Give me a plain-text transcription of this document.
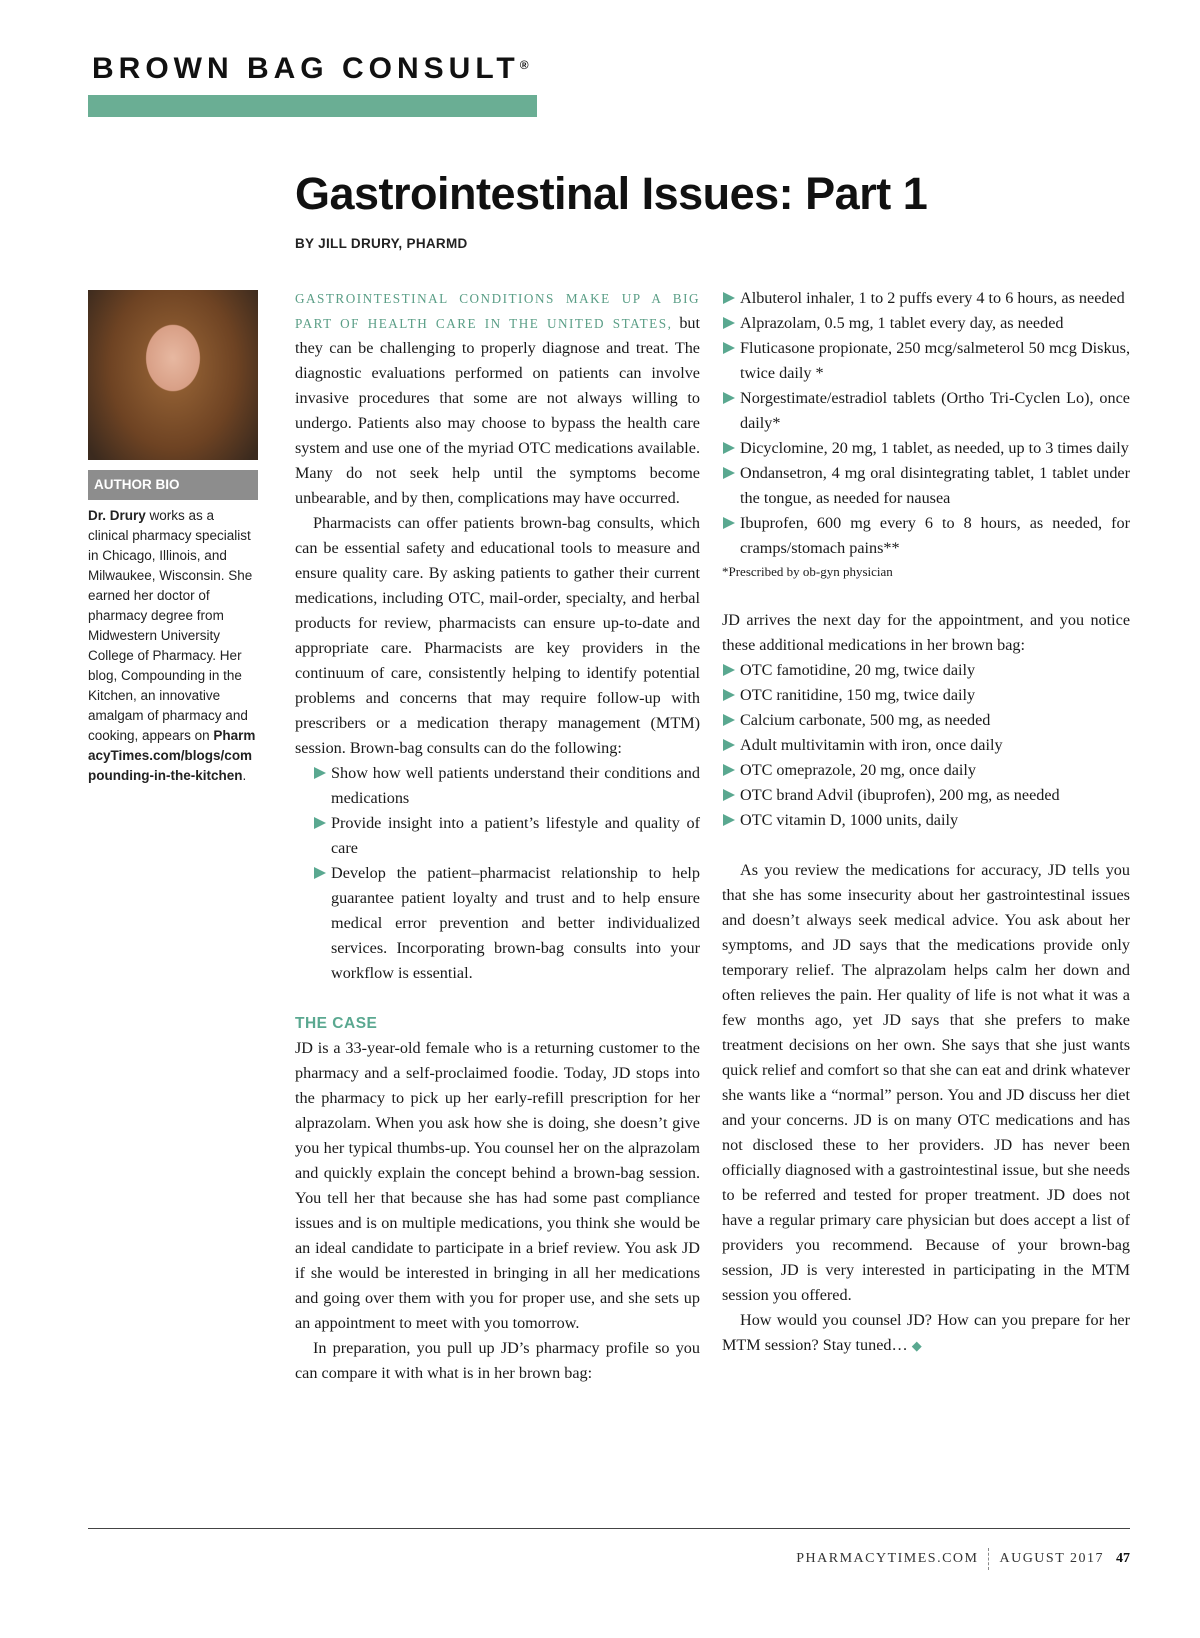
BROWN BAG CONSULT®
Gastrointestinal Issues: Part 1
BY JILL DRURY, PHARMD
AUTHOR BIO
Dr. Drury works as a clinical pharmacy specialist in Chicago, Illinois, and Milwaukee, Wisconsin. She earned her doctor of pharmacy degree from Midwestern University College of Pharmacy. Her blog, Compounding in the Kitchen, an innovative amalgam of pharmacy and cooking, appears on PharmacyTimes.com/blogs/compounding-in-the-kitchen.

GASTROINTESTINAL CONDITIONS MAKE UP A BIG PART OF HEALTH CARE IN THE UNITED STATES, but they can be challenging to properly diagnose and treat. The diagnostic evaluations performed on patients can involve invasive procedures that some are not always willing to undergo. Patients also may choose to bypass the health care system and use one of the myriad OTC medications available. Many do not seek help until the symptoms become unbearable, and by then, complications may have occurred.

Pharmacists can offer patients brown-bag consults, which can be essential safety and educational tools to measure and ensure quality care. By asking patients to gather their current medications, including OTC, mail-order, specialty, and herbal products for review, pharmacists can ensure up-to-date and appropriate care. Pharmacists are key providers in the continuum of care, consistently helping to identify potential problems and concerns that may require follow-up with prescribers or a medication therapy management (MTM) session. Brown-bag consults can do the following:

Show how well patients understand their conditions and medications
Provide insight into a patient’s lifestyle and quality of care
Develop the patient–pharmacist relationship to help guarantee patient loyalty and trust and to help ensure medical error prevention and better individualized services. Incorporating brown-bag consults into your workflow is essential.

THE CASE

JD is a 33-year-old female who is a returning customer to the pharmacy and a self-proclaimed foodie. Today, JD stops into the pharmacy to pick up her early-refill prescription for her alprazolam. When you ask how she is doing, she doesn’t give you her typical thumbs-up. You counsel her on the alprazolam and quickly explain the concept behind a brown-bag session. You tell her that because she has had some past compliance issues and is on multiple medications, you think she would be an ideal candidate to participate in a brief review. You ask JD if she would be interested in bringing in all her medications and going over them with you for proper use, and she sets up an appointment to meet with you tomorrow.

In preparation, you pull up JD’s pharmacy profile so you can compare it with what is in her brown bag:

Albuterol inhaler, 1 to 2 puffs every 4 to 6 hours, as needed
Alprazolam, 0.5 mg, 1 tablet every day, as needed
Fluticasone propionate, 250 mcg/salmeterol 50 mcg Diskus, twice daily *
Norgestimate/estradiol tablets (Ortho Tri-Cyclen Lo), once daily*
Dicyclomine, 20 mg, 1 tablet, as needed, up to 3 times daily
Ondansetron, 4 mg oral disintegrating tablet, 1 tablet under the tongue, as needed for nausea
Ibuprofen, 600 mg every 6 to 8 hours, as needed, for cramps/stomach pains**

*Prescribed by ob-gyn physician

JD arrives the next day for the appointment, and you notice these additional medications in her brown bag:

OTC famotidine, 20 mg, twice daily
OTC ranitidine, 150 mg, twice daily
Calcium carbonate, 500 mg, as needed
Adult multivitamin with iron, once daily
OTC omeprazole, 20 mg, once daily
OTC brand Advil (ibuprofen), 200 mg, as needed
OTC vitamin D, 1000 units, daily

As you review the medications for accuracy, JD tells you that she has some insecurity about her gastrointestinal issues and doesn’t always seek medical advice. You ask about her symptoms, and JD says that the medications provide only temporary relief. The alprazolam helps calm her down and often relieves the pain. Her quality of life is not what it was a few months ago, yet JD says that she prefers to make treatment decisions on her own. She says that she just wants quick relief and comfort so that she can eat and drink whatever she wants like a “normal” person. You and JD discuss her diet and your concerns. JD is on many OTC medications and has not disclosed these to her providers. JD has never been officially diagnosed with a gastrointestinal issue, but she needs to be referred and tested for proper treatment. JD does not have a regular primary care physician but does accept a list of providers you recommend. Because of your brown-bag session, JD is very interested in participating in the MTM session you offered.

How would you counsel JD? How can you prepare for her MTM session? Stay tuned… ◆

PHARMACYTIMES.COM AUGUST 2017 47
